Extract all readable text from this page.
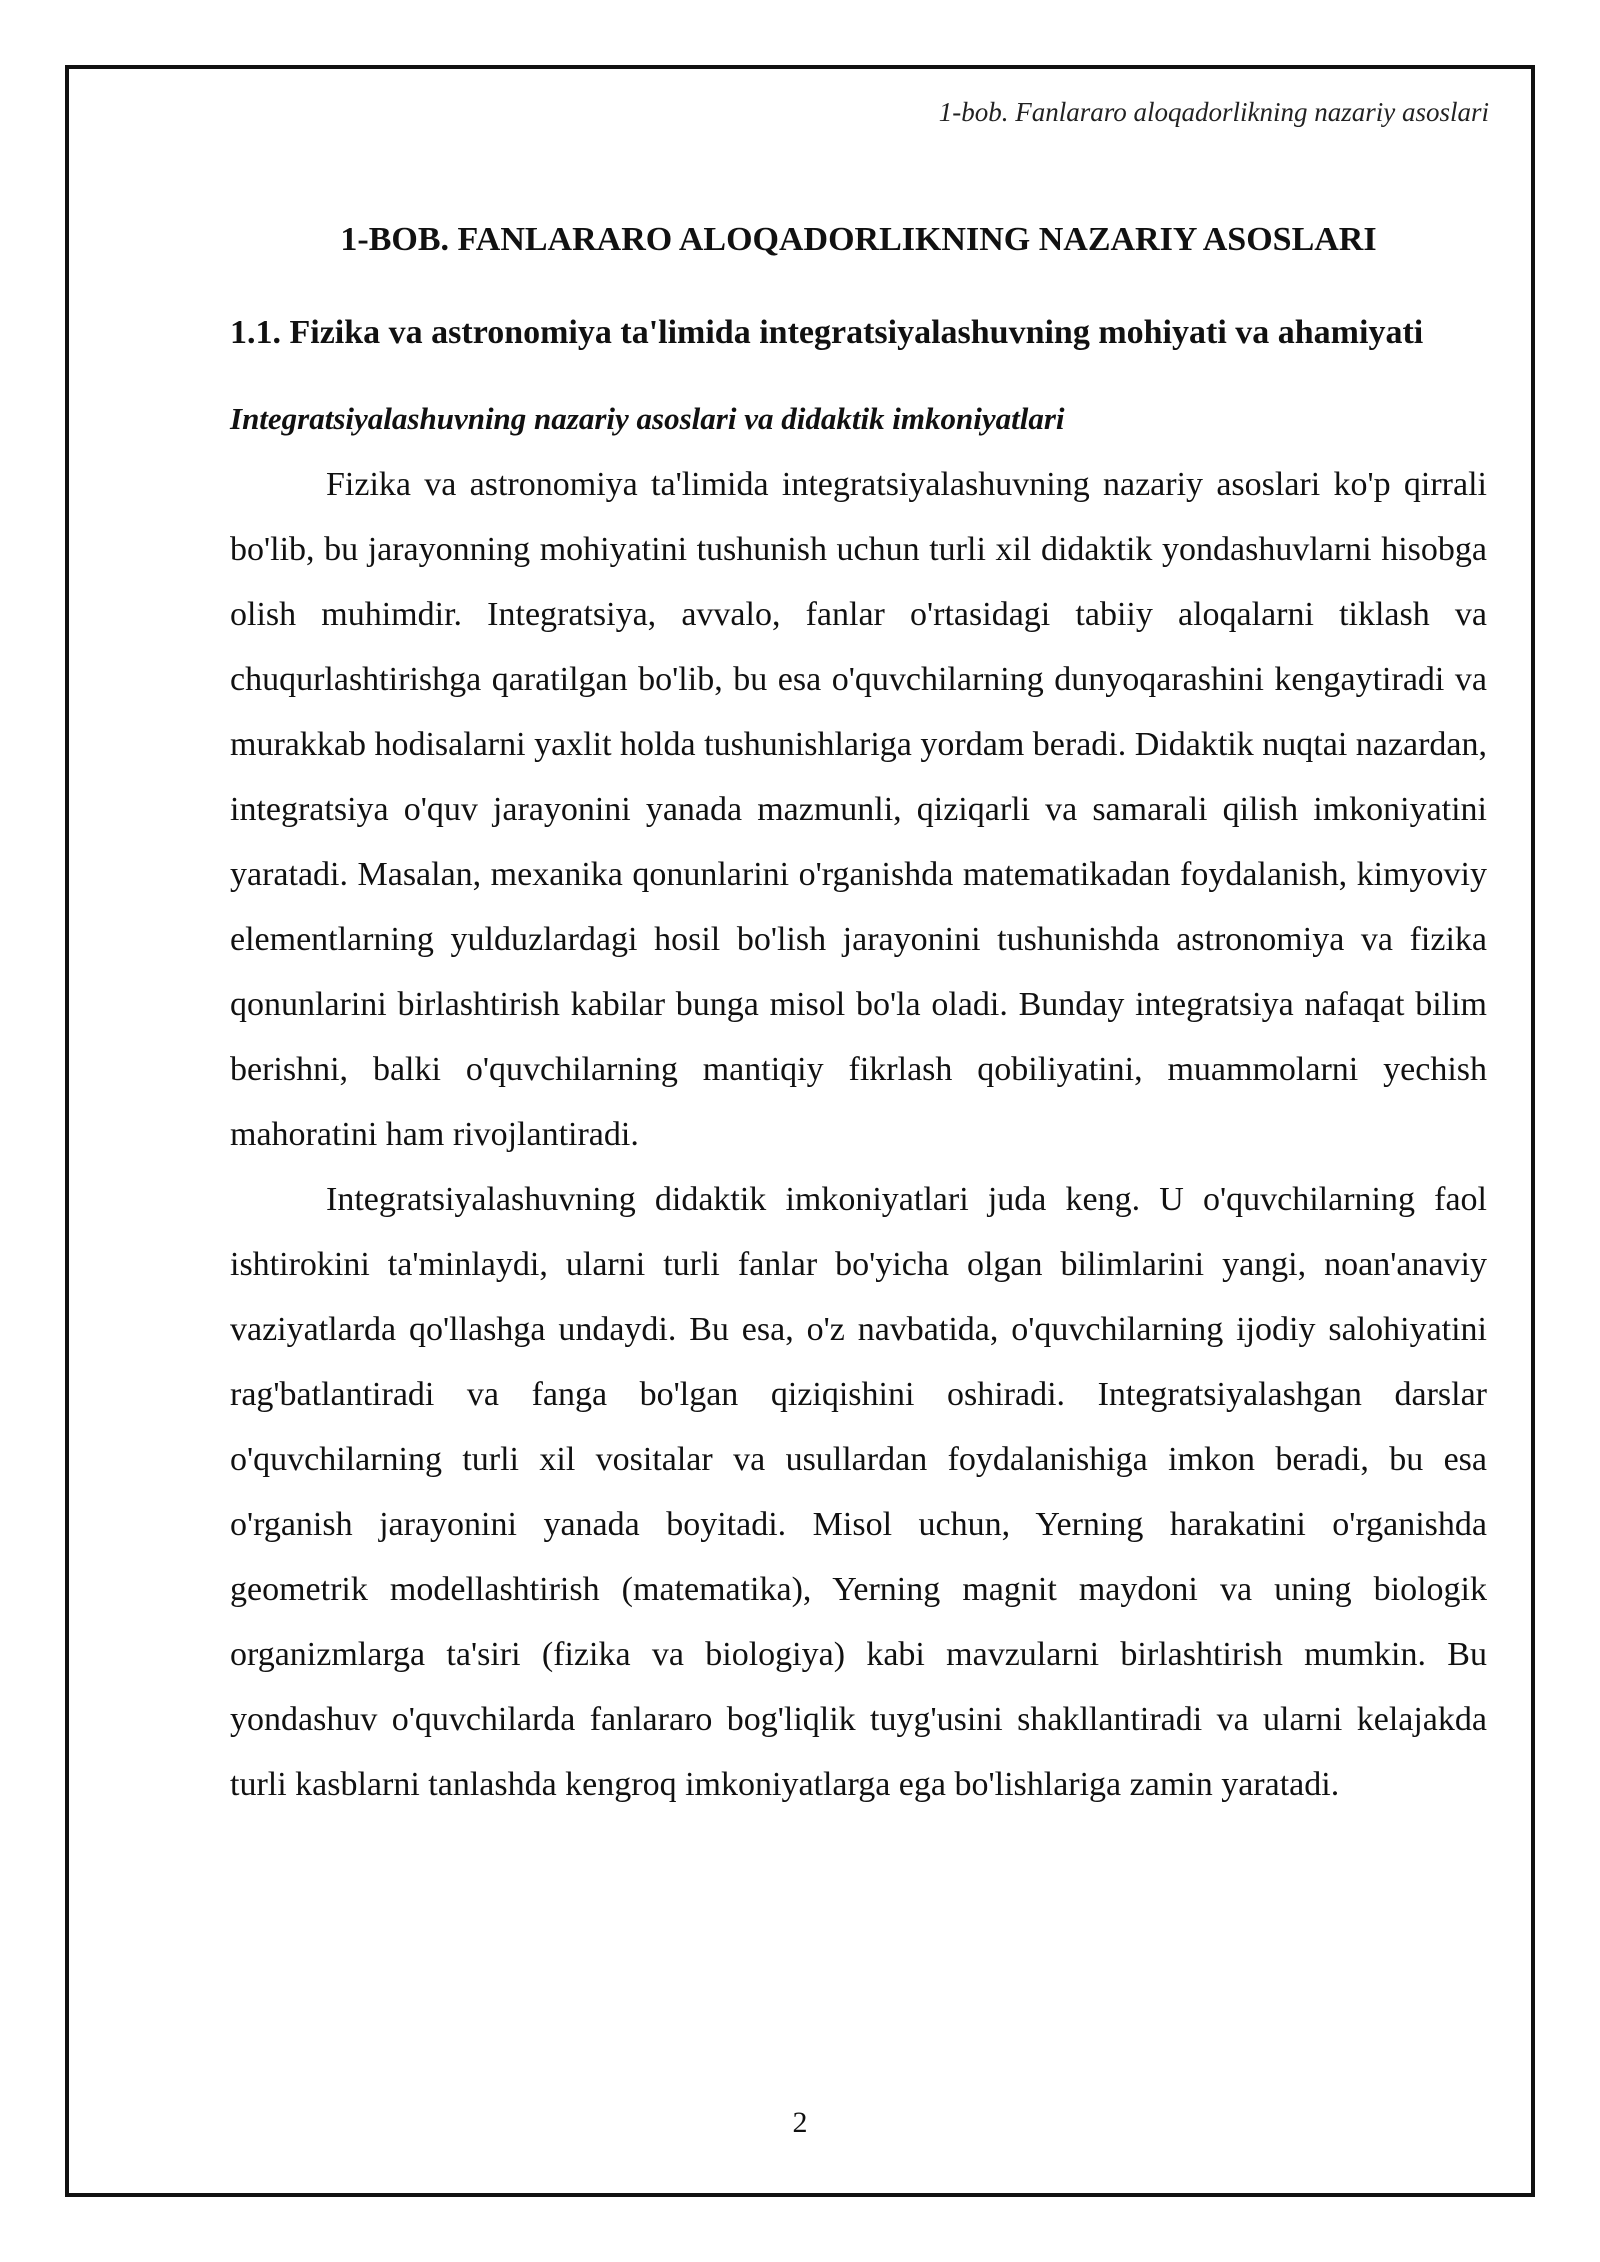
1-bob. Fanlararo aloqadorlikning nazariy asoslari
1-BOB. FANLARARO ALOQADORLIKNING NAZARIY ASOSLARI
1.1. Fizika va astronomiya ta'limida integratsiyalashuvning mohiyati va ahamiyati
Integratsiyalashuvning nazariy asoslari va didaktik imkoniyatlari

Fizika va astronomiya ta'limida integratsiyalashuvning nazariy asoslari ko'p qirrali bo'lib, bu jarayonning mohiyatini tushunish uchun turli xil didaktik yondashuvlarni hisobga olish muhimdir. Integratsiya, avvalo, fanlar o'rtasidagi tabiiy aloqalarni tiklash va chuqurlashtirishga qaratilgan bo'lib, bu esa o'quvchilarning dunyoqarashini kengaytiradi va murakkab hodisalarni yaxlit holda tushunishlariga yordam beradi. Didaktik nuqtai nazardan, integratsiya o'quv jarayonini yanada mazmunli, qiziqarli va samarali qilish imkoniyatini yaratadi. Masalan, mexanika qonunlarini o'rganishda matematikadan foydalanish, kimyoviy elementlarning yulduzlardagi hosil bo'lish jarayonini tushunishda astronomiya va fizika qonunlarini birlashtirish kabilar bunga misol bo'la oladi. Bunday integratsiya nafaqat bilim berishni, balki o'quvchilarning mantiqiy fikrlash qobiliyatini, muammolarni yechish mahoratini ham rivojlantiradi.

Integratsiyalashuvning didaktik imkoniyatlari juda keng. U o'quvchilarning faol ishtirokini ta'minlaydi, ularni turli fanlar bo'yicha olgan bilimlarini yangi, noan'anaviy vaziyatlarda qo'llashga undaydi. Bu esa, o'z navbatida, o'quvchilarning ijodiy salohiyatini rag'batlantiradi va fanga bo'lgan qiziqishini oshiradi. Integratsiyalashgan darslar o'quvchilarning turli xil vositalar va usullardan foydalanishiga imkon beradi, bu esa o'rganish jarayonini yanada boyitadi. Misol uchun, Yerning harakatini o'rganishda geometrik modellashtirish (matematika), Yerning magnit maydoni va uning biologik organizmlarga ta'siri (fizika va biologiya) kabi mavzularni birlashtirish mumkin. Bu yondashuv o'quvchilarda fanlararo bog'liqlik tuyg'usini shakllantiradi va ularni kelajakda turli kasblarni tanlashda kengroq imkoniyatlarga ega bo'lishlariga zamin yaratadi.

2
